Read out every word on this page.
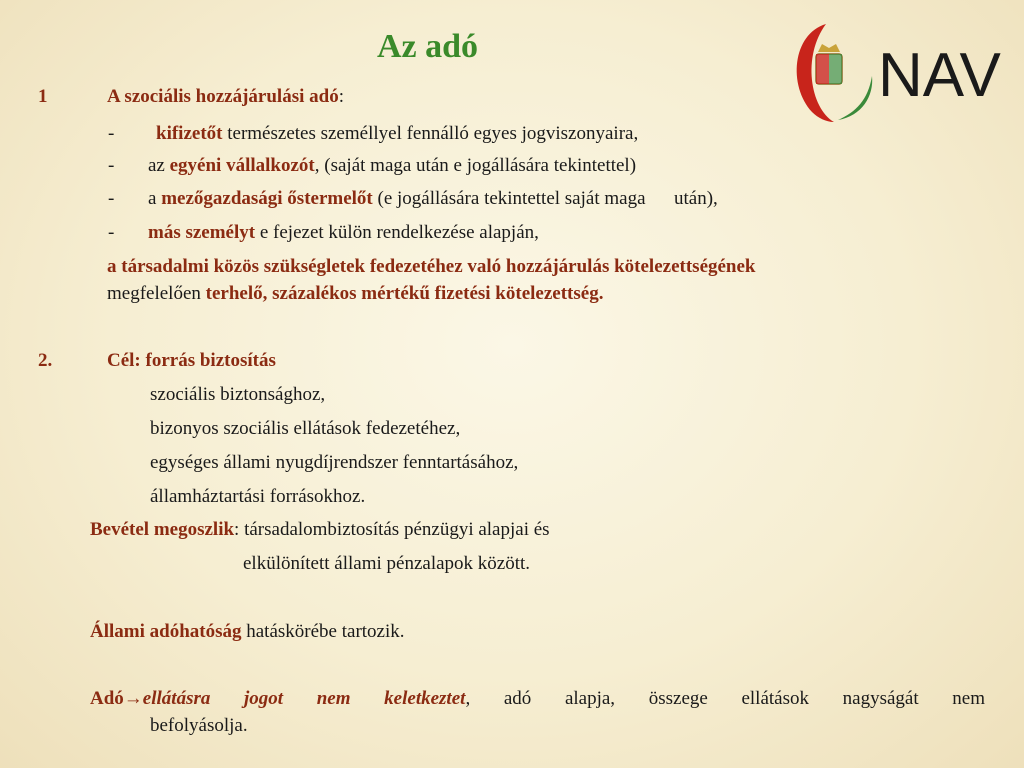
Az adó	NAV
1	A szociális hozzájárulási adó:
- kifizetőt természetes személlyel fennálló egyes jogviszonyaira,
- az egyéni vállalkozót, (saját maga után e jogállására tekintettel)
- a mezőgazdasági őstermelőt (e jogállására tekintettel saját maga      után),
- más személyt e fejezet külön rendelkezése alapján,
a társadalmi közös szükségletek fedezetéhez való hozzájárulás kötelezettségének
megfelelően terhelő, százalékos mértékű fizetési kötelezettség.
2.	Cél: forrás biztosítás
szociális biztonsághoz,
bizonyos szociális ellátások fedezetéhez,
egységes állami nyugdíjrendszer fenntartásához,
államháztartási forrásokhoz.
Bevétel megoszlik: társadalombiztosítás pénzügyi alapjai és
elkülönített állami pénzalapok között.
Állami adóhatóság hatáskörébe tartozik.
Adó→ellátásra jogot nem keletkeztet, adó alapja, összege ellátások nagyságát nem
befolyásolja.
